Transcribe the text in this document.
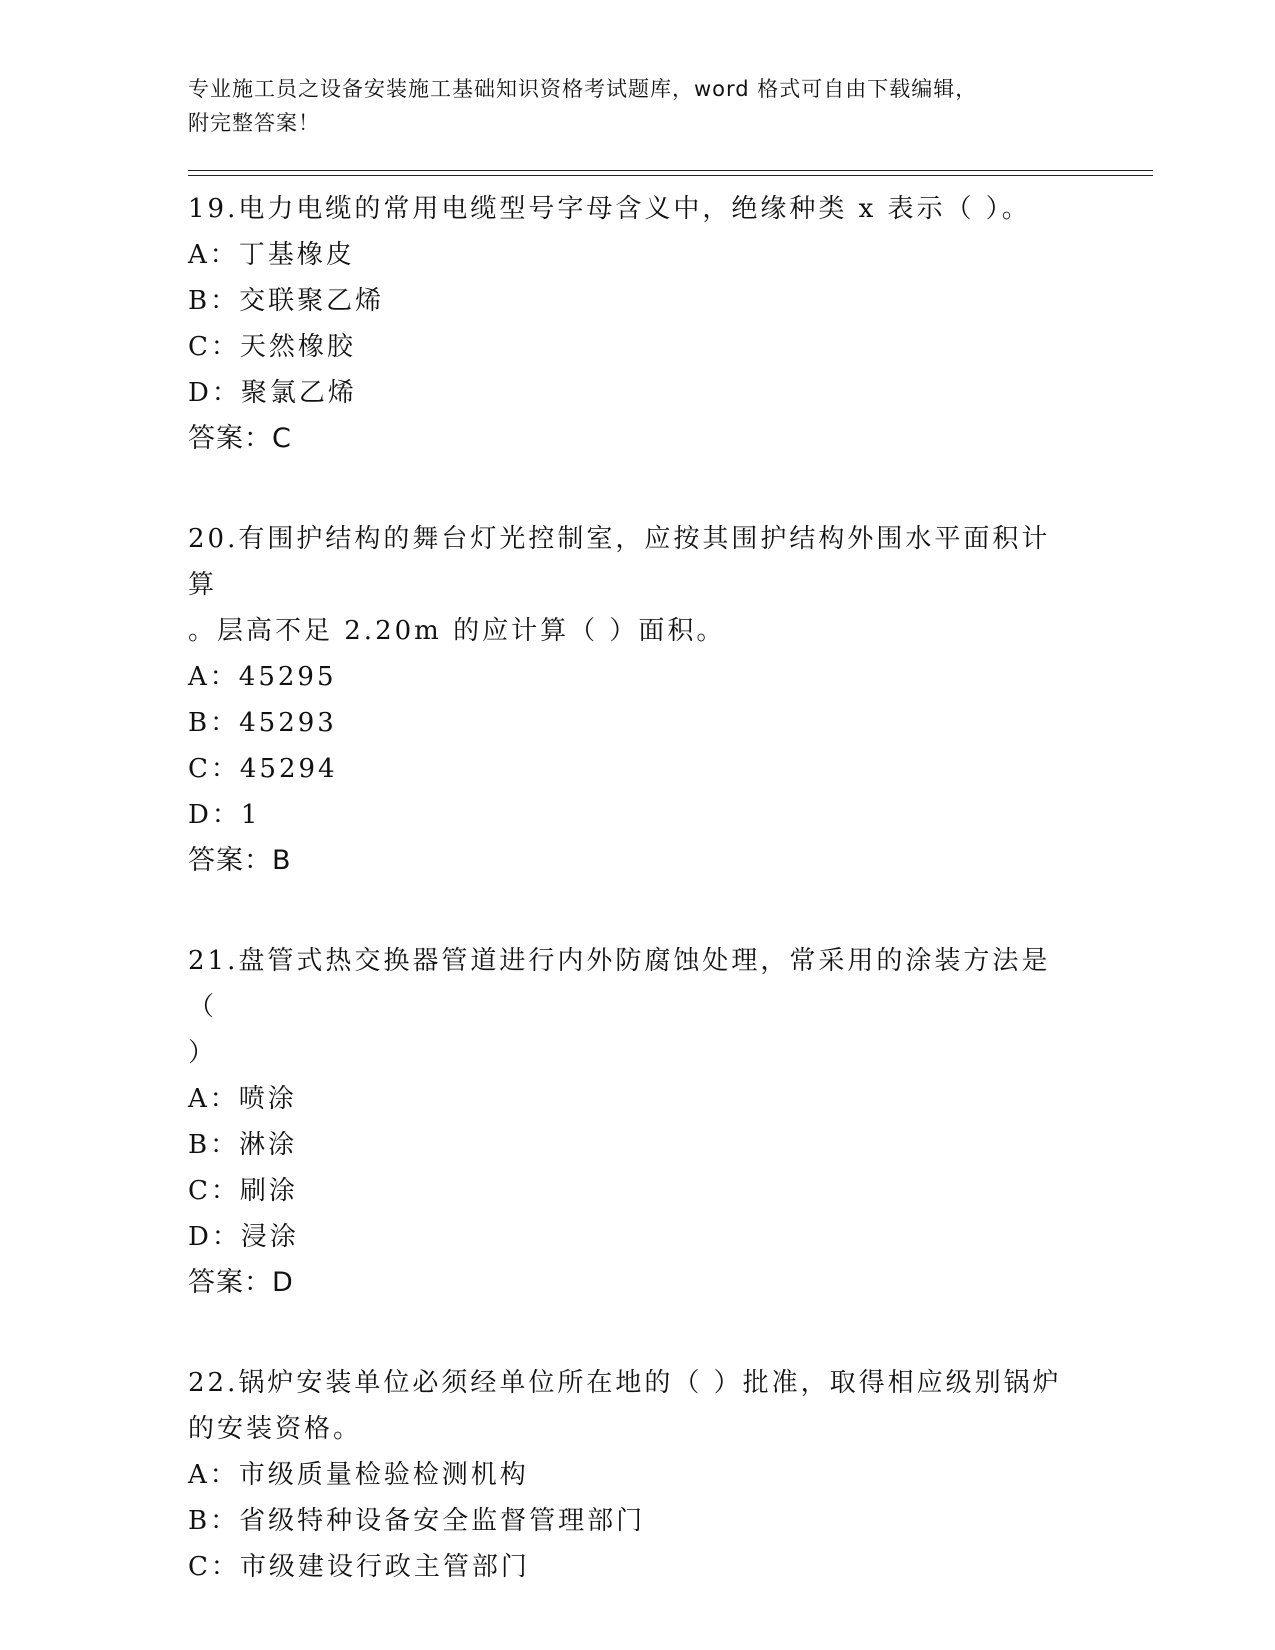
专业施工员之设备安装施工基础知识资格考试题库，word 格式可自由下载编辑，

附完整答案！

19.电力电缆的常用电缆型号字母含义中，绝缘种类 x 表示（ ）。
A：丁基橡皮
B：交联聚乙烯
C：天然橡胶
D：聚氯乙烯
答案：C
20.有围护结构的舞台灯光控制室，应按其围护结构外围水平面积计算
。层高不足 2.20m 的应计算（ ）面积。
A：45295
B：45293
C：45294
D：1
答案：B
21.盘管式热交换器管道进行内外防腐蚀处理，常采用的涂装方法是（
）
A：喷涂
B：淋涂
C：刷涂
D：浸涂
答案：D
22.锅炉安装单位必须经单位所在地的（ ）批准，取得相应级别锅炉
的安装资格。
A：市级质量检验检测机构
B：省级特种设备安全监督管理部门
C：市级建设行政主管部门
